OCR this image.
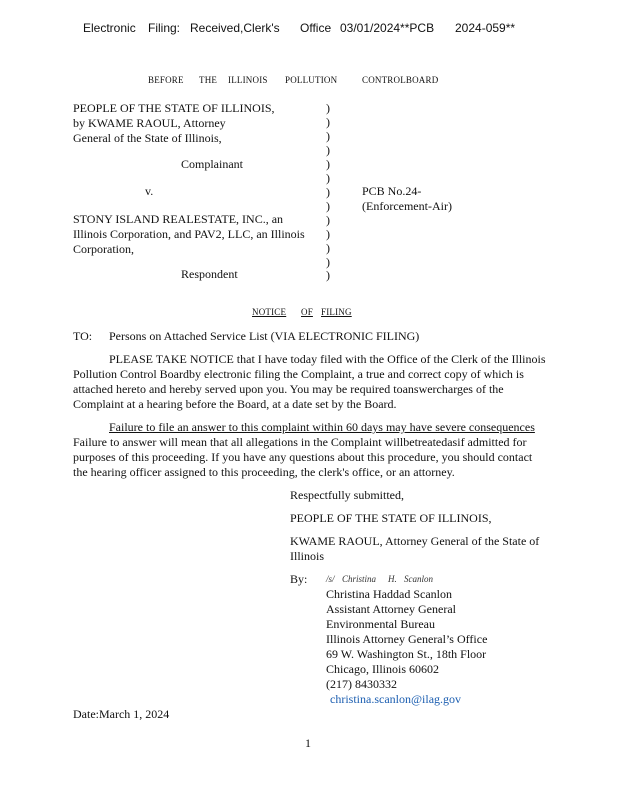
Electronic Filing: Received,Clerk's Office 03/01/2024**PCB 2024-059**
BEFORE THE ILLINOIS POLLUTION	CONTROLBOARD
PEOPLE OF THE STATE OF ILLINOIS,
by KWAME RAOUL, Attorney
General of the State of Illinois,
Complainant
v.
STONY ISLAND REALESTATE, INC., an
Illinois Corporation, and PAV2, LLC, an Illinois
Corporation,
Respondent
PCB No.24-
(Enforcement-Air)
)
)
)
)
)
)
)
)
)
)
)
)
)
NOTICE OF FILING
TO: Persons on Attached Service List (VIA ELECTRONIC FILING)
PLEASE TAKE NOTICE that I have today filed with the Office of the Clerk of the Illinois
Pollution Control Boardby electronic filing the Complaint, a true and correct copy of which is
attached hereto and hereby served upon you. You may be required toanswercharges of the
Complaint at a hearing before the Board, at a date set by the Board.
Failure to file an answer to this complaint within 60 days may have severe consequences
Failure to answer will mean that all allegations in the Complaint willbetreatedasif admitted for
purposes of this proceeding. If you have any questions about this procedure, you should contact
the hearing officer assigned to this proceeding, the clerk's office, or an attorney.
Respectfully submitted,
PEOPLE OF THE STATE OF ILLINOIS,
KWAME RAOUL, Attorney General of the State of
Illinois
By: /s/ Christina H. Scanlon
Christina Haddad Scanlon
Assistant Attorney General
Environmental Bureau
Illinois Attorney General’s Office
69 W. Washington St., 18th Floor
Chicago, Illinois 60602
(217) 8430332
christina.scanlon@ilag.gov
Date:March 1, 2024
1
